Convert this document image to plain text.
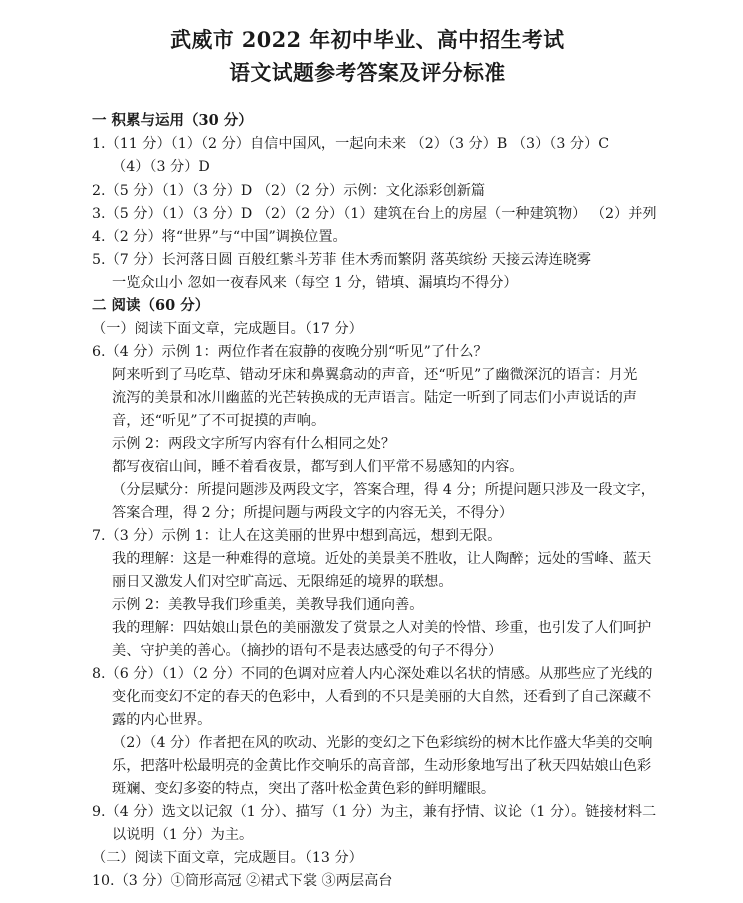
武威市 2022 年初中毕业、高中招生考试
语文试题参考答案及评分标准
一 积累与运用（30 分）
1.（11 分）（1）（2 分）自信中国风，一起向未来 （2）（3 分）B （3）（3 分）C
（4）（3 分）D
2.（5 分）（1）（3 分）D （2）（2 分）示例：文化添彩创新篇
3.（5 分）（1）（3 分）D （2）（2 分）（1）建筑在台上的房屋（一种建筑物） （2）并列
4.（2 分）将“世界”与“中国”调换位置。
5.（7 分）长河落日圆 百般红紫斗芳菲 佳木秀而繁阴 落英缤纷 天接云涛连晓雾
一览众山小 忽如一夜春风来（每空 1 分，错填、漏填均不得分）
二 阅读（60 分）
（一）阅读下面文章，完成题目。（17 分）
6.（4 分）示例 1：两位作者在寂静的夜晚分别“听见”了什么？
阿来听到了马吃草、错动牙床和鼻翼翕动的声音，还“听见”了幽微深沉的语言：月光
流泻的美景和冰川幽蓝的光芒转换成的无声语言。陆定一听到了同志们小声说话的声
音，还“听见”了不可捉摸的声响。
示例 2：两段文字所写内容有什么相同之处？
都写夜宿山间，睡不着看夜景，都写到人们平常不易感知的内容。
（分层赋分：所提问题涉及两段文字，答案合理，得 4 分；所提问题只涉及一段文字，
答案合理，得 2 分；所提问题与两段文字的内容无关，不得分）
7.（3 分）示例 1：让人在这美丽的世界中想到高远，想到无限。
我的理解：这是一种难得的意境。近处的美景美不胜收，让人陶醉；远处的雪峰、蓝天
丽日又激发人们对空旷高远、无限绵延的境界的联想。
示例 2：美教导我们珍重美，美教导我们通向善。
我的理解：四姑娘山景色的美丽激发了赏景之人对美的怜惜、珍重，也引发了人们呵护
美、守护美的善心。（摘抄的语句不是表达感受的句子不得分）
8.（6 分）（1）（2 分）不同的色调对应着人内心深处难以名状的情感。从那些应了光线的
变化而变幻不定的春天的色彩中，人看到的不只是美丽的大自然，还看到了自己深藏不
露的内心世界。
（2）（4 分）作者把在风的吹动、光影的变幻之下色彩缤纷的树木比作盛大华美的交响
乐，把落叶松最明亮的金黄比作交响乐的高音部，生动形象地写出了秋天四姑娘山色彩
斑斓、变幻多姿的特点，突出了落叶松金黄色彩的鲜明耀眼。
9.（4 分）选文以记叙（1 分）、描写（1 分）为主，兼有抒情、议论（1 分）。链接材料二
以说明（1 分）为主。
（二）阅读下面文章，完成题目。（13 分）
10.（3 分）①筒形高冠 ②裙式下裳 ③两层高台
